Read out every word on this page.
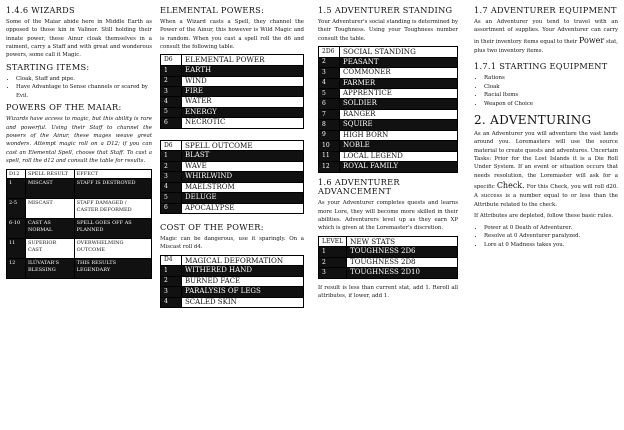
1.4.6 WIZARDS

Some of the Maiar abide here in Middle Earth as opposed to those kin in Valinor. Still holding their innate power, these Ainur cloak themselves in a raiment, carry a Staff and with great and wonderous powers, some call it Magic.

STARTING ITEMS:
• Cloak, Staff and pipe.
• Have Advantage to Sense channels or scared by Evil.
POWERS OF THE MAIAR:

Wizards have access to magic, but this ability is rare and powerful. Using their Staff to channel the powers of the Ainur, these mages weave great wonders. Attempt magic roll on a D12; if you can cast an Elemental Spell, choose that Staff. To cast a spell, roll the d12 and consult the table for results.

D12	SPELL RESULT	EFFECT
1	MISCAST	STAFF IS DESTROYED
2-5	MISCAST	STAFF DAMAGED / CASTER DEFORMED
6-10	CAST AS NORMAL	SPELL GOES OFF AS PLANNED
11	SUPERIOR CAST	OVERWHELMING OUTCOME
12	ILÚVATAR'S BLESSING	THIS RESULTS LEGENDARY
ELEMENTAL POWERS:

When a Wizard casts a Spell, they channel the Power of the Ainur, this however is Wild Magic and is random. When you cast a spell roll the d6 and consult the following table.

D6	ELEMENTAL POWER
1	EARTH
2	WIND
3	FIRE
4	WATER
5	ENERGY
6	NECROTIC
D6	SPELL OUTCOME
1	BLAST
2	WAVE
3	WHIRLWIND
4	MAELSTROM
5	DELUGE
6	APOCALYPSE
COST OF THE POWER:

Magic can be dangerous, use it sparingly. On a Miscast roll d4.

D4	MAGICAL DEFORMATION
1	WITHERED HAND
2	BURNED FACE
3	PARALYSIS OF LEGS
4	SCALED SKIN
1.5 ADVENTURER STANDING

Your Adventurer's social standing is determined by their Toughness. Using your Toughness number consult the table.

2D6	SOCIAL STANDING
2	PEASANT
3	COMMONER
4	FARMER
5	APPRENTICE
6	SOLDIER
7	RANGER
8	SQUIRE
9	HIGH BORN
10	NOBLE
11	LOCAL LEGEND
12	ROYAL FAMILY
1.6 ADVENTURER ADVANCEMENT

As your Adventurer completes quests and learns more Lore, they will become more skilled in their abilities. Adventurers level up as they earn XP which is given at the Loremaster's discretion.

LEVEL	NEW STATS
1	TOUGHNESS 2D6
2	TOUGHNESS 2D8
3	TOUGHNESS 2D10

If result is less than current stat, add 1. Reroll all attributes, if lower, add 1.

1.7 ADVENTURER EQUIPMENT

As an Adventurer you tend to travel with an assortment of supplies. Your Adventurer can carry in their inventory items equal to their Power stat, plus two inventory items.

1.7.1 STARTING EQUIPMENT
• Rations
• Cloak
• Racial Items
• Weapon of Choice
2. ADVENTURING

As an Adventurer you will adventure the vast lands around you. Loremasters will use the source material to create quests and adventures. Uncertain Tasks: Prior for the Lost Islands it is a Die Roll Under System. If an event or situation occurs that needs resolution, the Loremaster will ask for a specific Check. For this Check, you will roll d20. A success is a number equal to or less than the Attribute related to the check.

If Attributes are depleted, follow these basic rules.

• Power at 0 Death of Adventurer.
• Resolve at 0 Adventurer paralyzed.
• Lore at 0 Madness takes you.
